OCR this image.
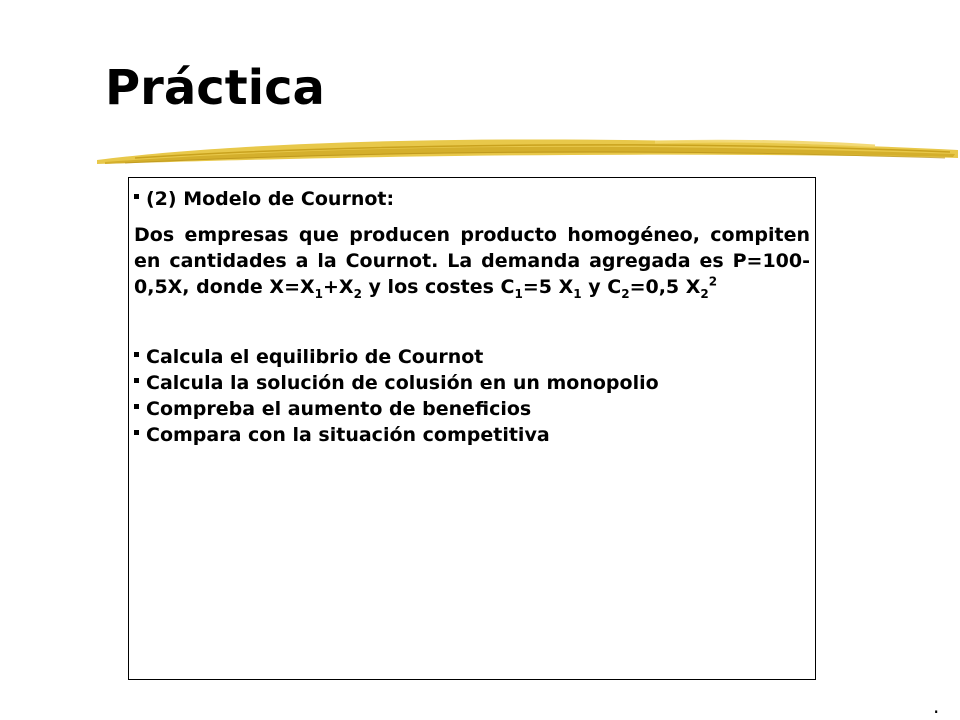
Práctica
(2) Modelo de Cournot:
Dos empresas que producen producto homogéneo, compiten en cantidades a la Cournot. La demanda agregada es P=100-0,5X, donde $X=X_1+X_2$ y los costes $C_1=5$ $X_1$ y $C_2=0,5$ $X_2^2$
Calcula el equilibrio de Cournot
Calcula la solución de colusión en un monopolio
Compreba el aumento de beneficios
Compara con la situación competitiva
.
